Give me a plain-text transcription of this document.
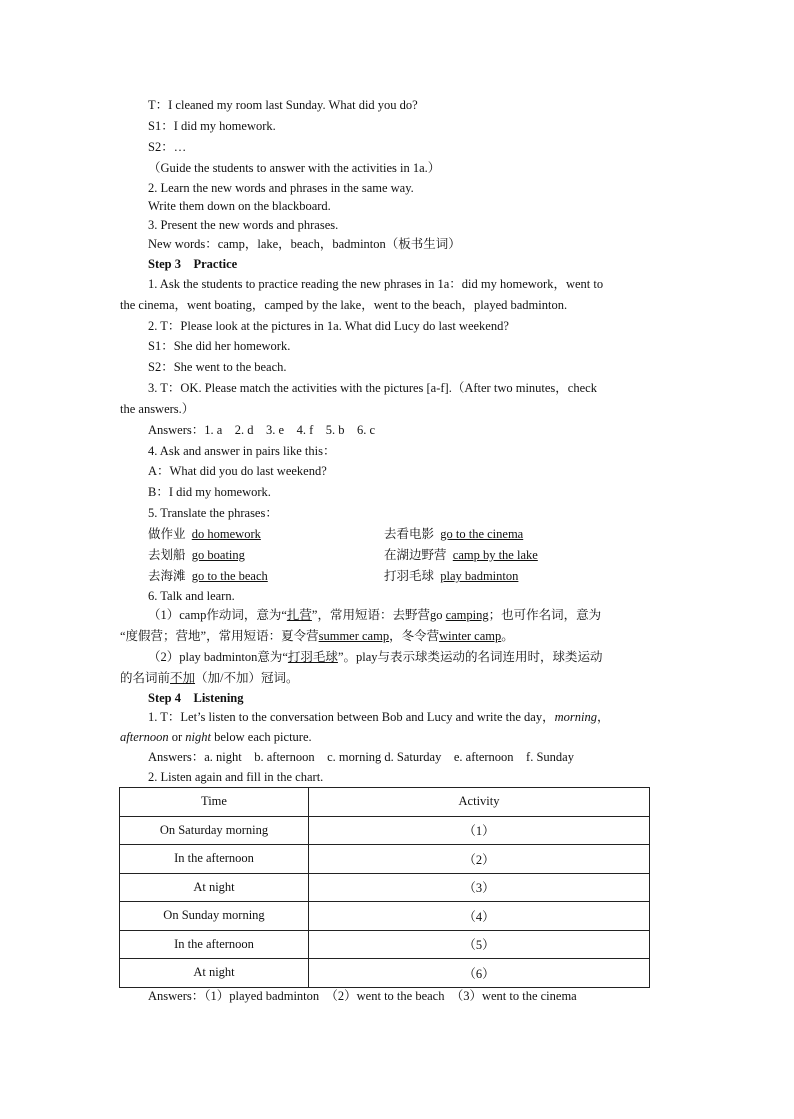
T：I cleaned my room last Sunday. What did you do?
S1：I did my homework.
S2：…
（Guide the students to answer with the activities in 1a.）
2. Learn the new words and phrases in the same way.
Write them down on the blackboard.
3. Present the new words and phrases.
New words：camp，lake，beach，badminton（板书生词）
Step 3　Practice
1. Ask the students to practice reading the new phrases in 1a：did my homework，went to
the cinema，went boating，camped by the lake，went to the beach，played badminton.
2. T：Please look at the pictures in 1a. What did Lucy do last weekend?
S1：She did her homework.
S2：She went to the beach.
3. T：OK. Please match the activities with the pictures [a-f].（After two minutes，check
the answers.）
Answers：1. a　2. d　3. e　4. f　5. b　6. c
4. Ask and answer in pairs like this：
A：What did you do last weekend?
B：I did my homework.
5. Translate the phrases：
做作业 do homework	去看电影 go to the cinema
去划船 go boating	在湖边野营 camp by the lake
去海滩 go to the beach	打羽毛球 play badminton
6. Talk and learn.
（1）camp作动词，意为“扎营”，常用短语：去野营go camping；也可作名词，意为
“度假营；营地”，常用短语：夏令营summer camp，冬令营winter camp。
（2）play badminton意为“打羽毛球”。play与表示球类运动的名词连用时，球类运动
的名词前不加（加/不加）冠词。
Step 4　Listening
1. T：Let’s listen to the conversation between Bob and Lucy and write the day，morning，
afternoon or night below each picture.
Answers：a. night　b. afternoon　c. morning d. Saturday　e. afternoon　f. Sunday
2. Listen again and fill in the chart.
Time	Activity
On Saturday morning	（1）
In the afternoon	（2）
At night	（3）
On Sunday morning	（4）
In the afternoon	（5）
At night	（6）
Answers：（1）played badminton　（2）went to the beach　（3）went to the cinema
